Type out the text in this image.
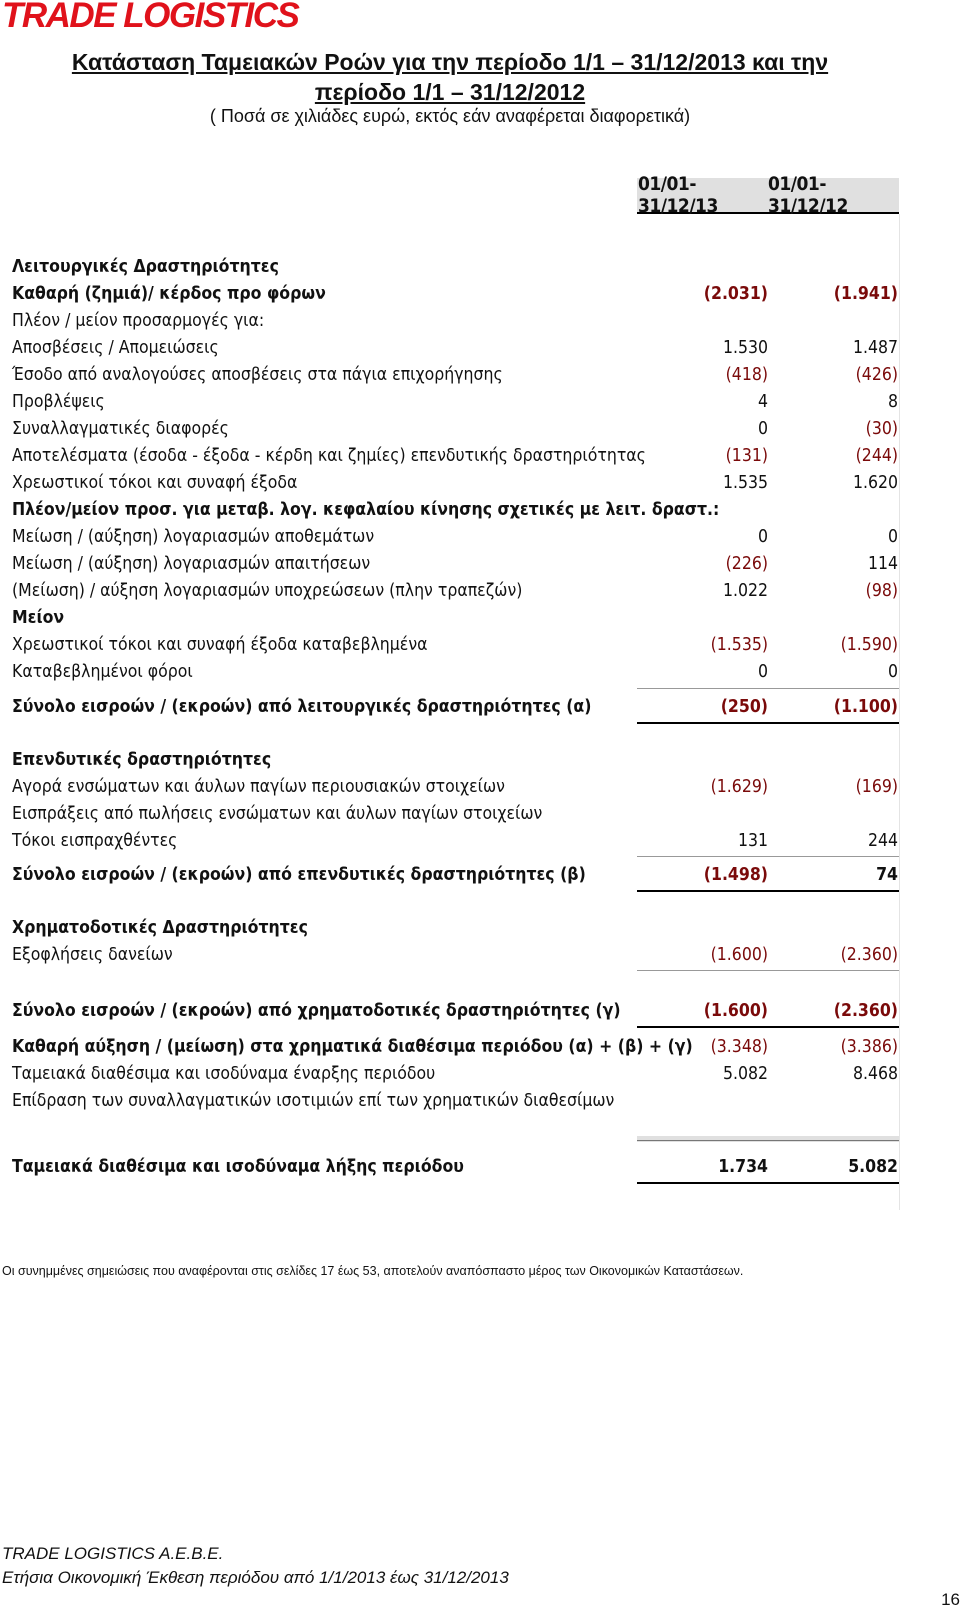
TRADE LOGISTICS
Κατάσταση Ταμειακών Ροών για την περίοδο 1/1 – 31/12/2013 και την
περίοδο 1/1 – 31/12/2012
( Ποσά σε χιλιάδες ευρώ, εκτός εάν αναφέρεται διαφορετικά)
01/01-31/12/13
01/01-31/12/12
Λειτουργικές Δραστηριότητες
Καθαρή (ζημιά)/ κέρδος προ φόρων	(2.031)	(1.941)
Πλέον / μείον προσαρμογές για:
Αποσβέσεις / Απομειώσεις	1.530	1.487
Έσοδο από αναλογούσες αποσβέσεις στα πάγια επιχορήγησης	(418)	(426)
Προβλέψεις	4	8
Συναλλαγματικές διαφορές	0	(30)
Αποτελέσματα (έσοδα - έξοδα - κέρδη και ζημίες) επενδυτικής δραστηριότητας	(131)	(244)
Χρεωστικοί τόκοι και συναφή έξοδα	1.535	1.620
Πλέον/μείον προσ. για μεταβ. λογ. κεφαλαίου κίνησης σχετικές με λειτ. δραστ.:
Μείωση / (αύξηση) λογαριασμών αποθεμάτων	0	0
Μείωση / (αύξηση) λογαριασμών απαιτήσεων	(226)	114
(Μείωση) / αύξηση λογαριασμών υποχρεώσεων (πλην τραπεζών)	1.022	(98)
Μείον
Χρεωστικοί τόκοι και συναφή έξοδα καταβεβλημένα	(1.535)	(1.590)
Καταβεβλημένοι φόροι	0	0
Σύνολο εισροών / (εκροών) από λειτουργικές δραστηριότητες (α)	(250)	(1.100)
Επενδυτικές δραστηριότητες
Αγορά ενσώματων και άυλων παγίων περιουσιακών στοιχείων	(1.629)	(169)
Εισπράξεις από πωλήσεις ενσώματων και άυλων παγίων στοιχείων
Τόκοι εισπραχθέντες	131	244
Σύνολο εισροών / (εκροών) από επενδυτικές δραστηριότητες (β)	(1.498)	74
Χρηματοδοτικές Δραστηριότητες
Εξοφλήσεις δανείων	(1.600)	(2.360)
Σύνολο εισροών / (εκροών) από χρηματοδοτικές δραστηριότητες (γ)	(1.600)	(2.360)
Καθαρή αύξηση / (μείωση) στα χρηματικά διαθέσιμα περιόδου (α) + (β) + (γ) (3.348)	(3.386)
Ταμειακά διαθέσιμα και ισοδύναμα έναρξης περιόδου	5.082	8.468
Επίδραση των συναλλαγματικών ισοτιμιών επί των χρηματικών διαθεσίμων
Ταμειακά διαθέσιμα και ισοδύναμα λήξης περιόδου	1.734	5.082
Οι συνημμένες σημειώσεις που αναφέρονται στις σελίδες 17 έως 53, αποτελούν αναπόσπαστο μέρος των Οικονομικών Καταστάσεων.
TRADE LOGISTICS A.E.B.E.
Ετήσια Οικονομική Έκθεση περιόδου από 1/1/2013 έως 31/12/2013
16
